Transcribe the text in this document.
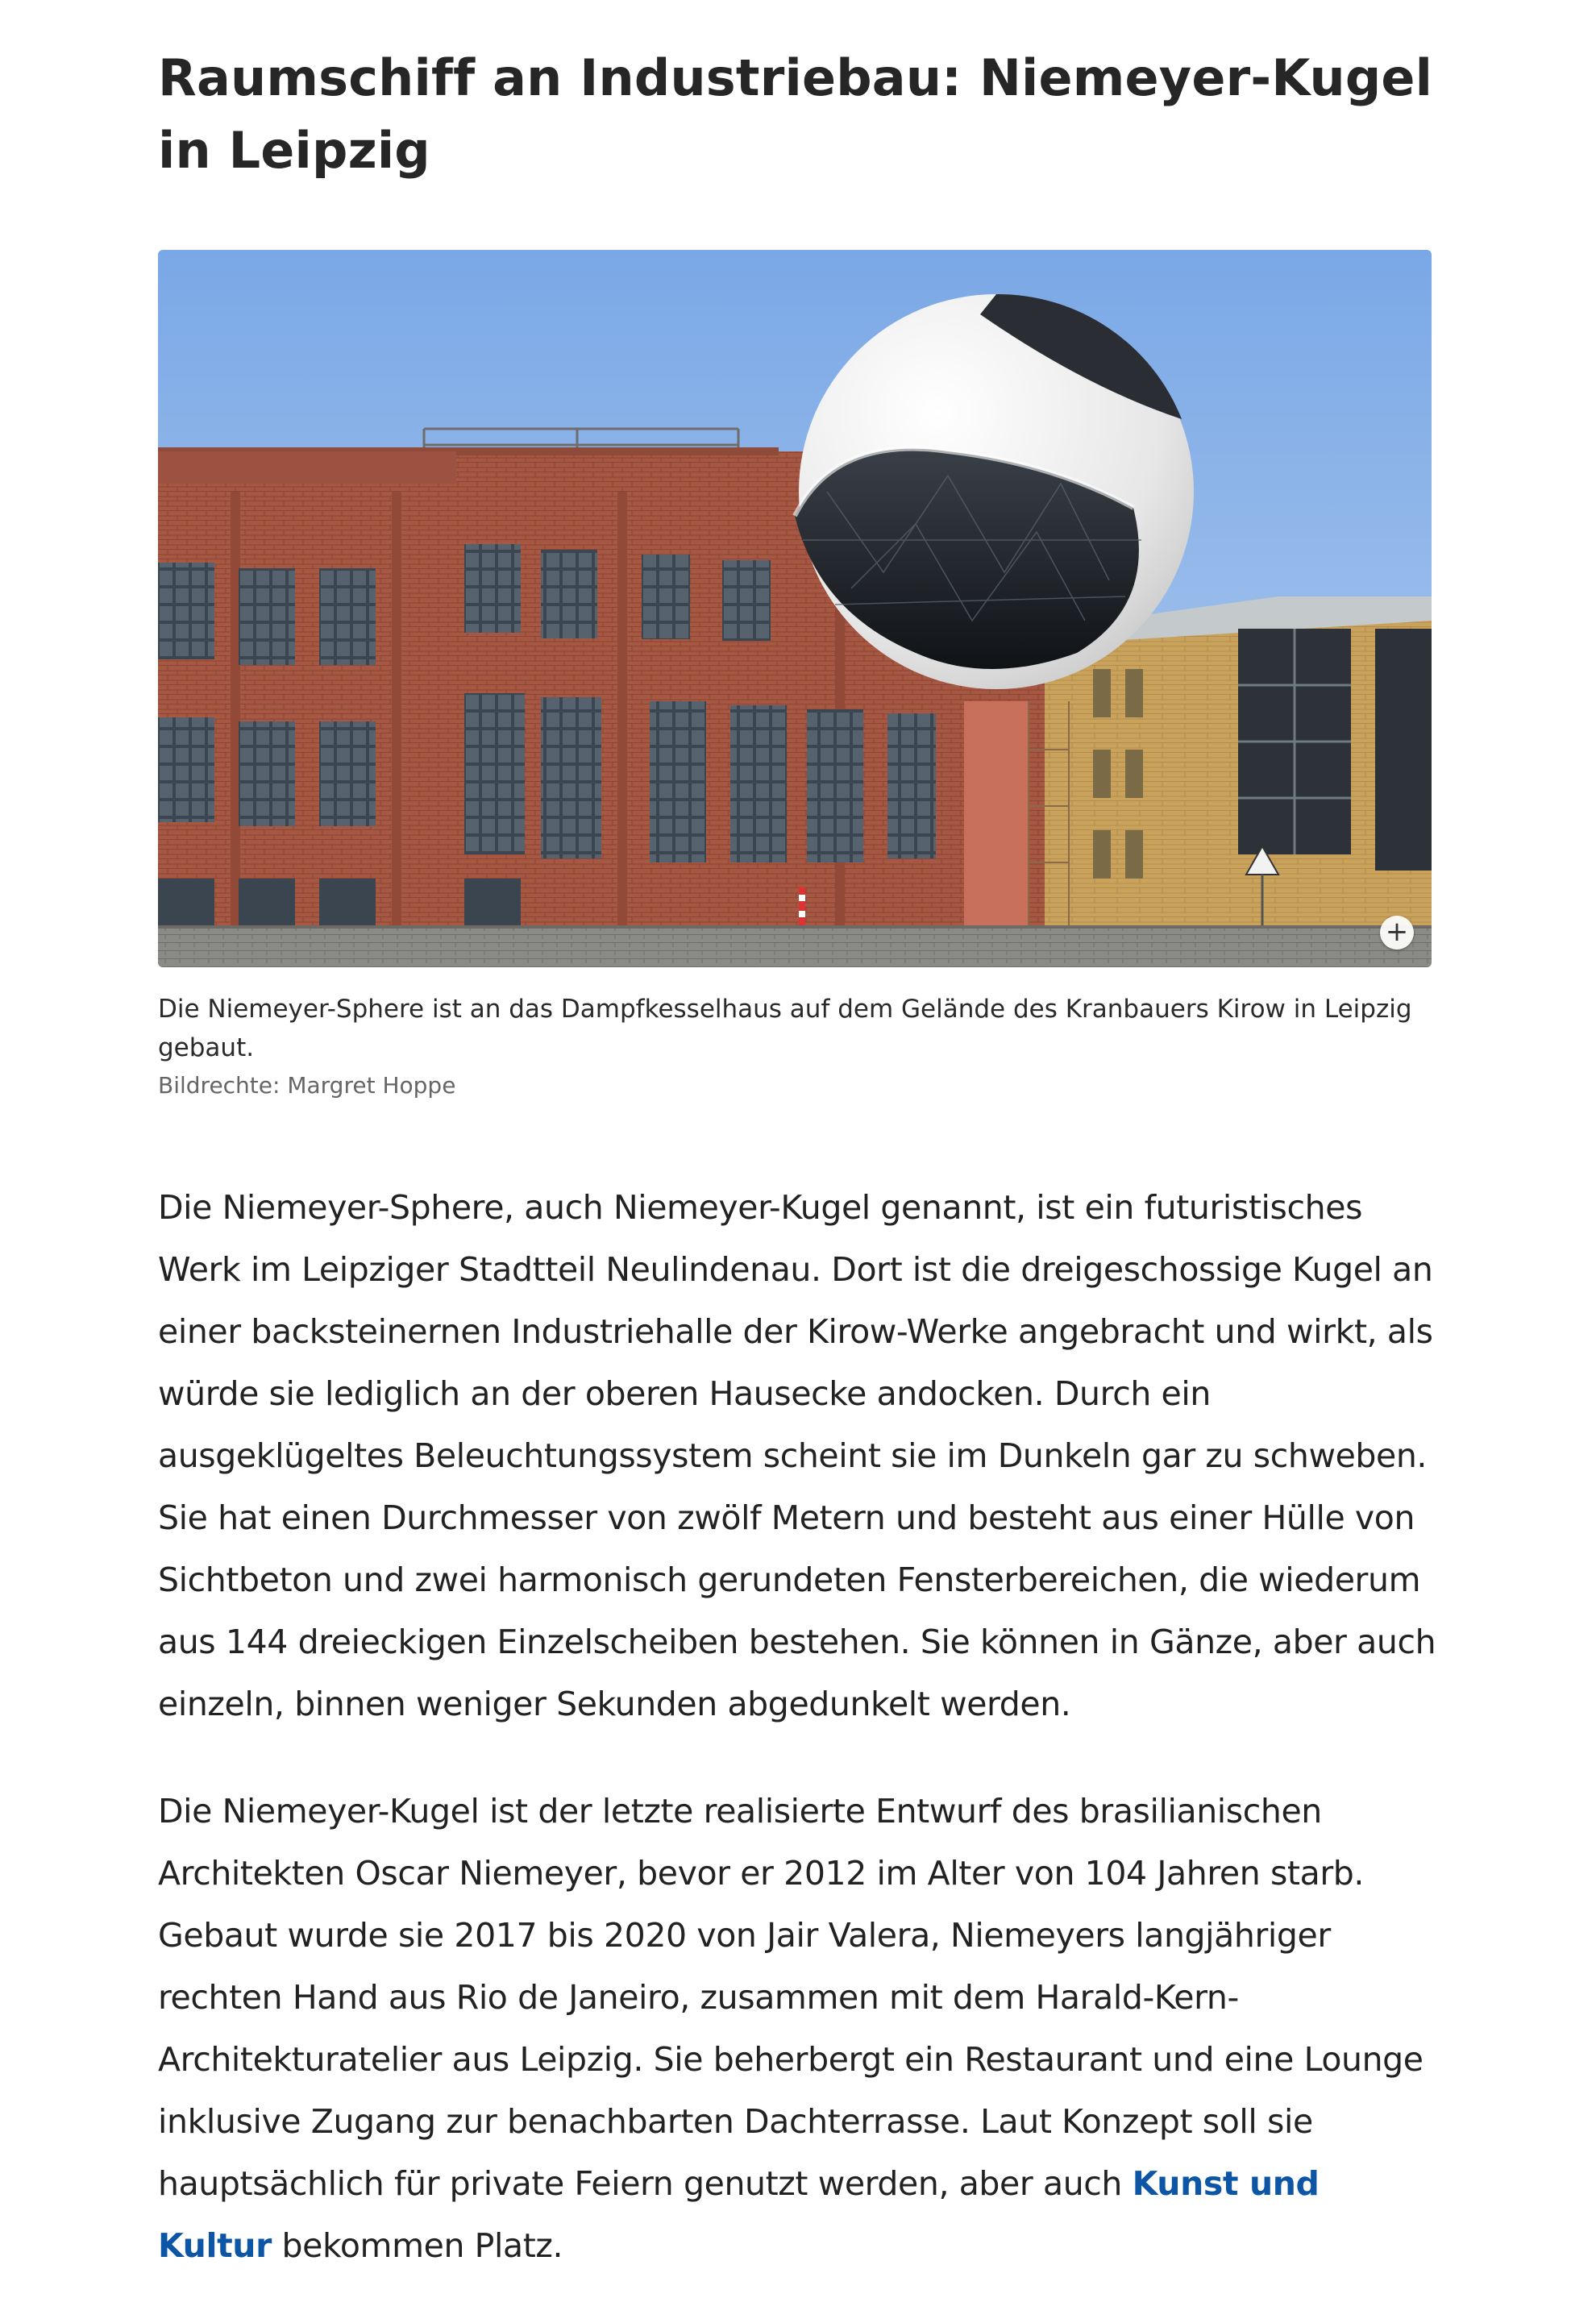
Raumschiff an Industriebau: Niemeyer-Kugel in Leipzig
+

Die Niemeyer-Sphere ist an das Dampfkesselhaus auf dem Gelände des Kranbauers Kirow in Leipzig gebaut.

Bildrechte: Margret Hoppe

Die Niemeyer-Sphere, auch Niemeyer-Kugel genannt, ist ein futuristisches Werk im Leipziger Stadtteil Neulindenau. Dort ist die dreigeschossige Kugel an einer backsteinernen Industriehalle der Kirow-Werke angebracht und wirkt, als würde sie lediglich an der oberen Hausecke andocken. Durch ein ausgeklügeltes Beleuchtungssystem scheint sie im Dunkeln gar zu schweben. Sie hat einen Durchmesser von zwölf Metern und besteht aus einer Hülle von Sichtbeton und zwei harmonisch gerundeten Fensterbereichen, die wiederum aus 144 dreieckigen Einzelscheiben bestehen. Sie können in Gänze, aber auch einzeln, binnen weniger Sekunden abgedunkelt werden.

Die Niemeyer-Kugel ist der letzte realisierte Entwurf des brasilianischen Architekten Oscar Niemeyer, bevor er 2012 im Alter von 104 Jahren starb. Gebaut wurde sie 2017 bis 2020 von Jair Valera, Niemeyers langjähriger rechten Hand aus Rio de Janeiro, zusammen mit dem Harald-Kern-Architekturatelier aus Leipzig. Sie beherbergt ein Restaurant und eine Lounge inklusive Zugang zur benachbarten Dachterrasse. Laut Konzept soll sie hauptsächlich für private Feiern genutzt werden, aber auch Kunst und Kultur bekommen Platz.
